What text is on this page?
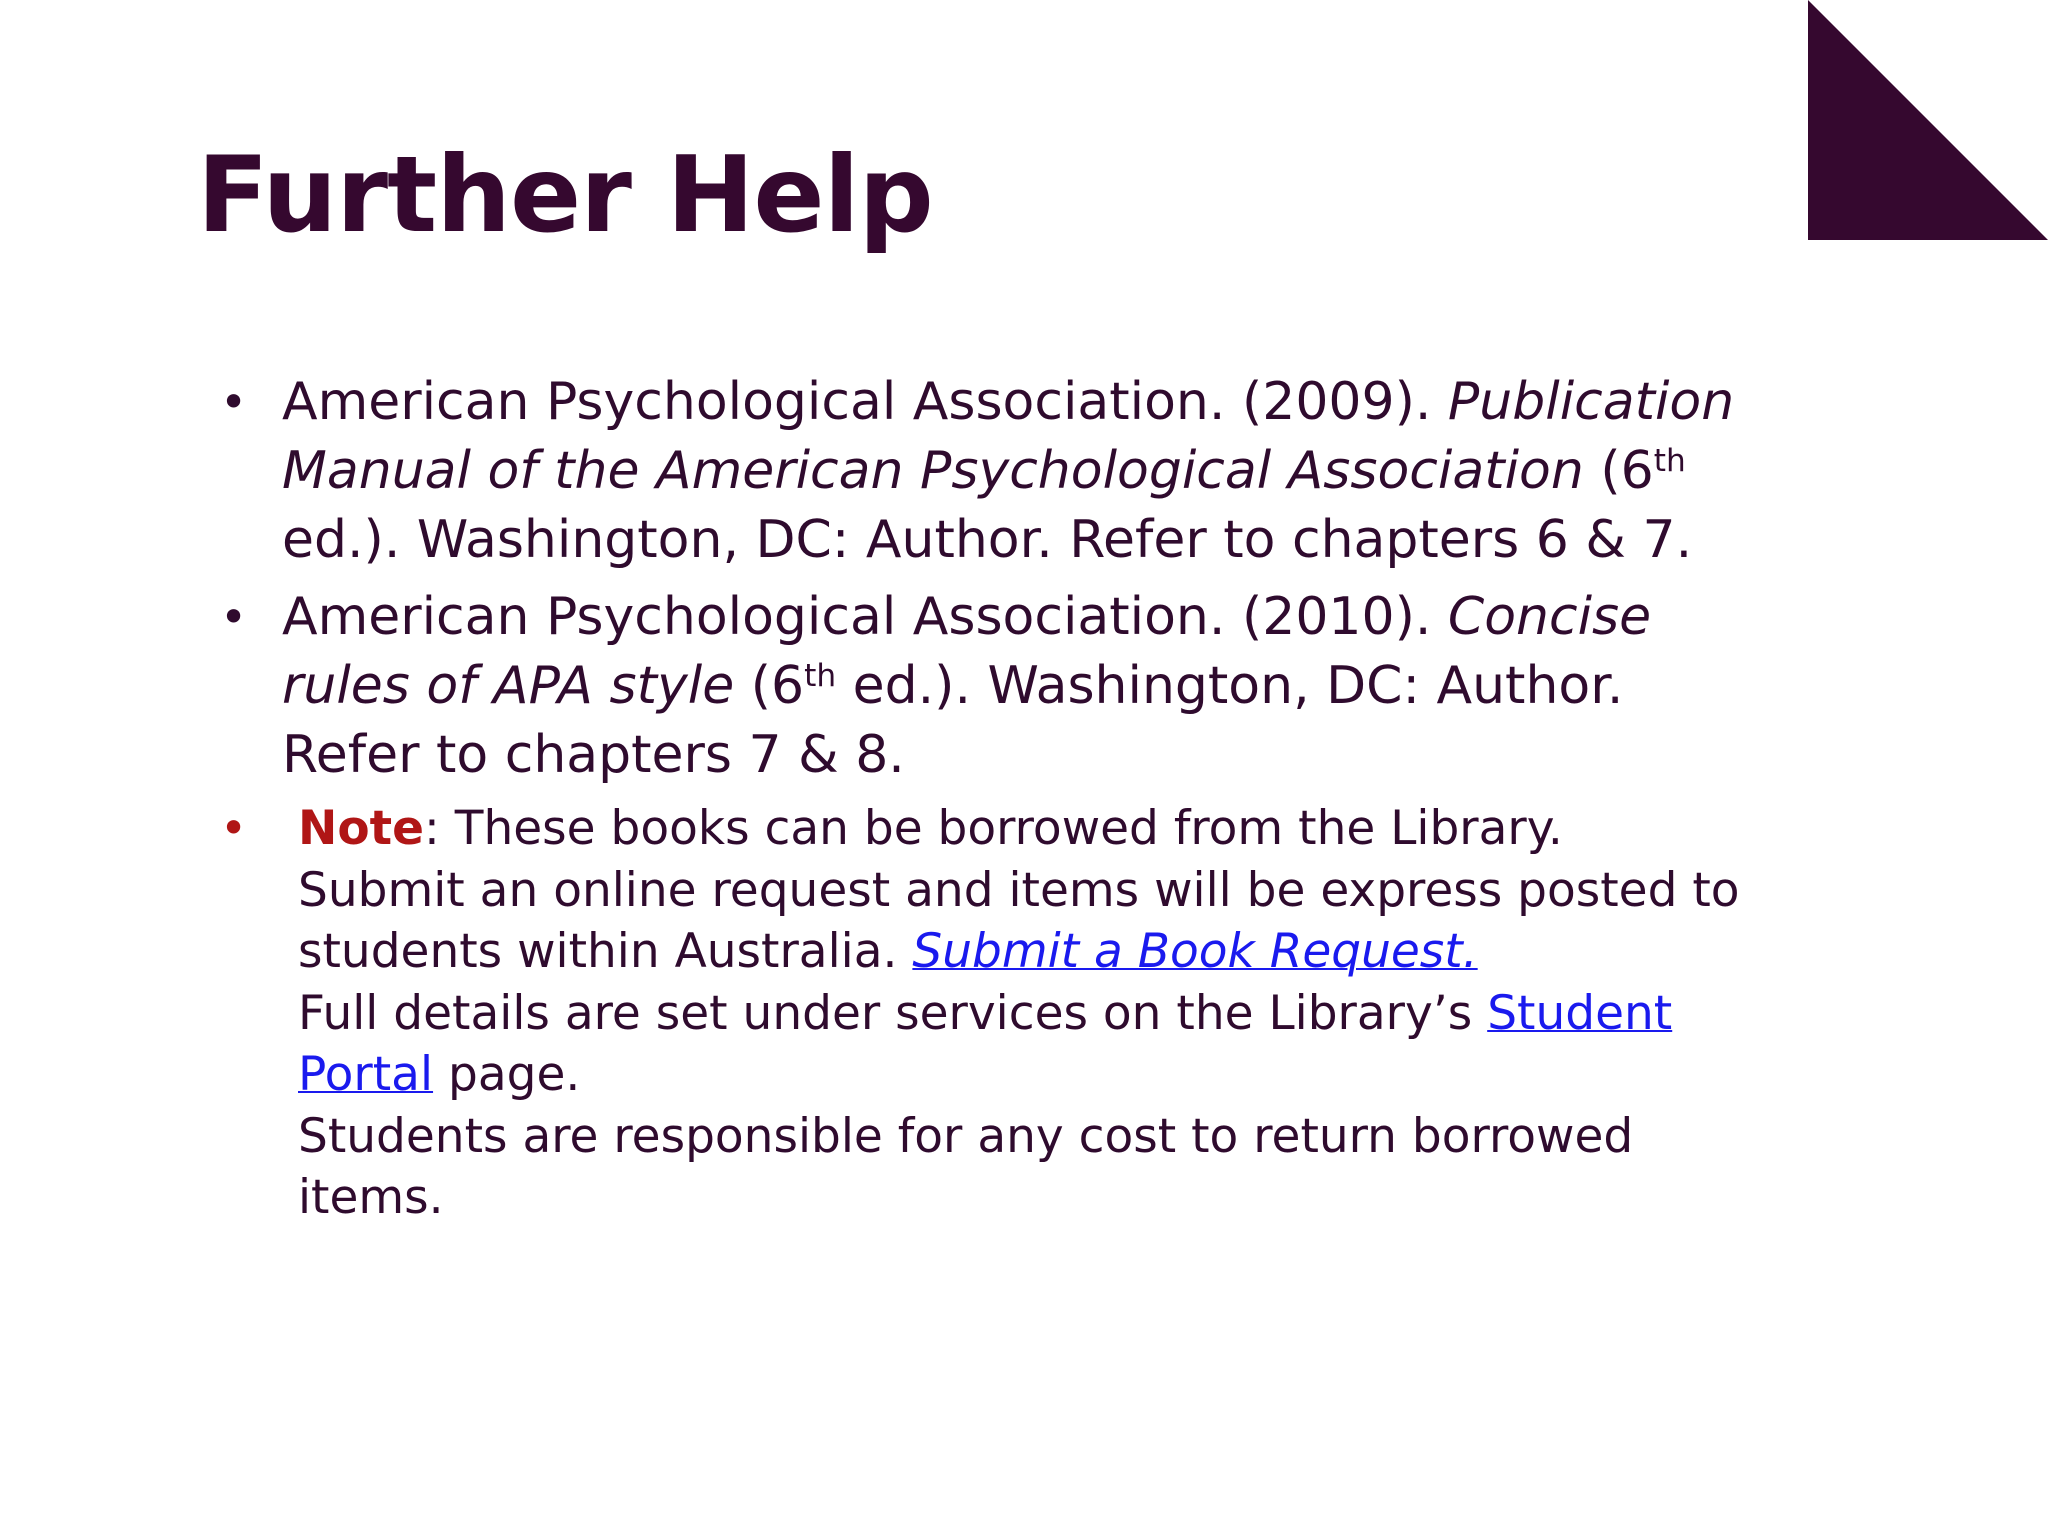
Further Help
• American Psychological Association. (2009). Publication Manual of the American Psychological Association (6th ed.). Washington, DC: Author. Refer to chapters 6 & 7.
• American Psychological Association. (2010). Concise rules of APA style (6th ed.). Washington, DC: Author. Refer to chapters 7 & 8.
• Note: These books can be borrowed from the Library. Submit an online request and items will be express posted to students within Australia. Submit a Book Request.
Full details are set under services on the Library’s Student Portal page.
Students are responsible for any cost to return borrowed items.
